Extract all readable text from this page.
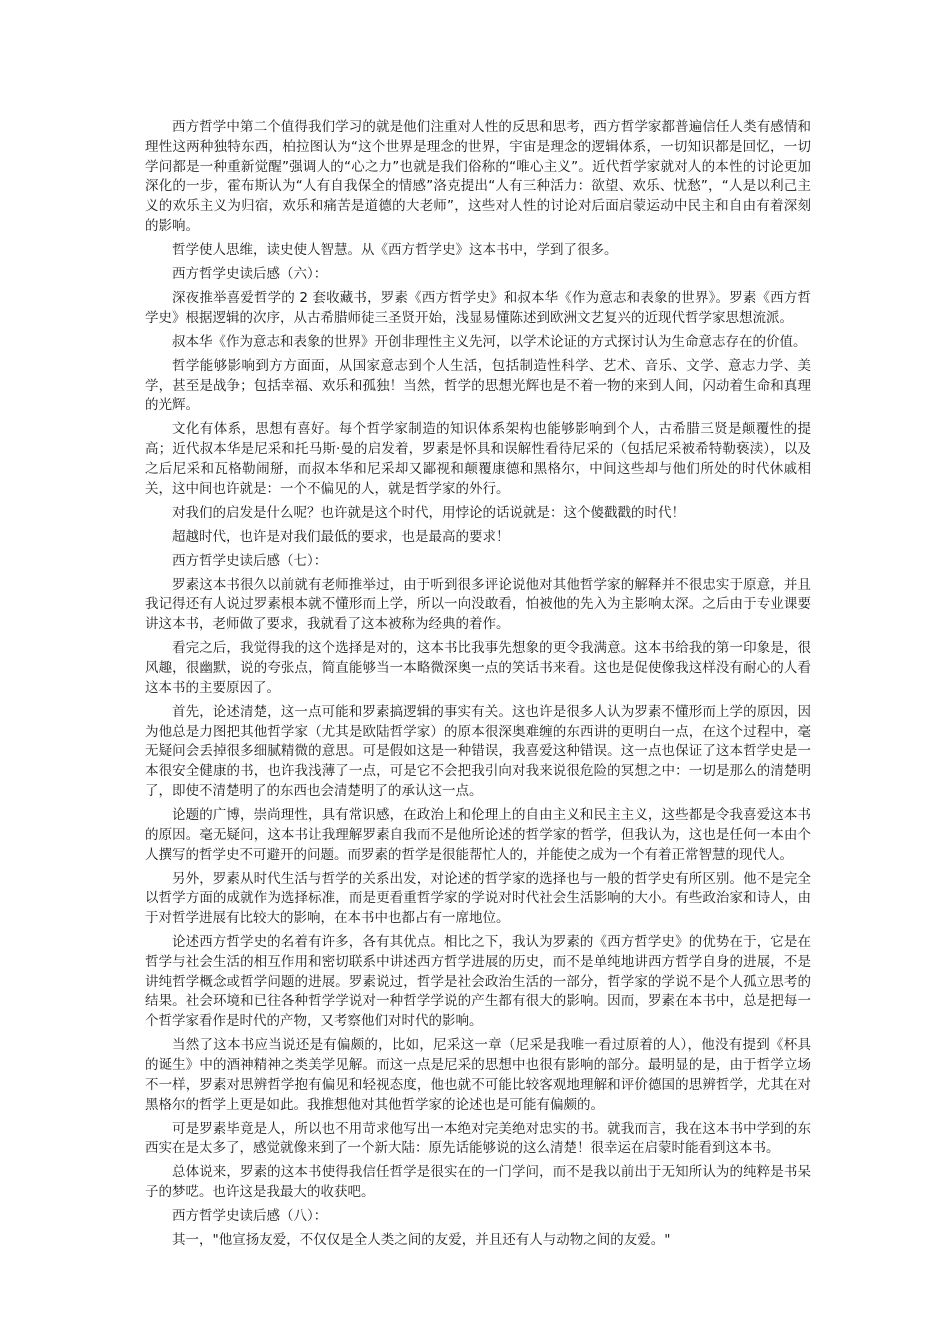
西方哲学中第二个值得我们学习的就是他们注重对人性的反思和思考，西方哲学家都普遍信任人类有感情和理性这两种独特东西，柏拉图认为“这个世界是理念的世界，宇宙是理念的逻辑体系，一切知识都是回忆，一切学问都是一种重新觉醒”强调人的“心之力”也就是我们俗称的“唯心主义”。近代哲学家就对人的本性的讨论更加深化的一步，霍布斯认为“人有自我保全的情感”洛克提出“人有三种活力：欲望、欢乐、忧愁”，“人是以利己主义的欢乐主义为归宿，欢乐和痛苦是道德的大老师”，这些对人性的讨论对后面启蒙运动中民主和自由有着深刻的影响。

哲学使人思维，读史使人智慧。从《西方哲学史》这本书中，学到了很多。

西方哲学史读后感（六）：

深夜推举喜爱哲学的 2 套收藏书，罗素《西方哲学史》和叔本华《作为意志和表象的世界》。罗素《西方哲学史》根据逻辑的次序，从古希腊师徒三圣贤开始，浅显易懂陈述到欧洲文艺复兴的近现代哲学家思想流派。

叔本华《作为意志和表象的世界》开创非理性主义先河，以学术论证的方式探讨认为生命意志存在的价值。

哲学能够影响到方方面面，从国家意志到个人生活，包括制造性科学、艺术、音乐、文学、意志力学、美学，甚至是战争；包括幸福、欢乐和孤独！当然，哲学的思想光辉也是不着一物的来到人间，闪动着生命和真理的光辉。

文化有体系，思想有喜好。每个哲学家制造的知识体系架构也能够影响到个人，古希腊三贤是颠覆性的提高；近代叔本华是尼采和托马斯·曼的启发着，罗素是怀具和误解性看待尼采的（包括尼采被希特勒亵渎），以及之后尼采和瓦格勒闹掰，而叔本华和尼采却又鄙视和颠覆康德和黑格尔，中间这些却与他们所处的时代休戚相关，这中间也许就是：一个不偏见的人，就是哲学家的外行。

对我们的启发是什么呢？也许就是这个时代，用悖论的话说就是：这个傻戳戳的时代！

超越时代，也许是对我们最低的要求，也是最高的要求！

西方哲学史读后感（七）：

罗素这本书很久以前就有老师推举过，由于听到很多评论说他对其他哲学家的解释并不很忠实于原意，并且我记得还有人说过罗素根本就不懂形而上学，所以一向没敢看，怕被他的先入为主影响太深。之后由于专业课要讲这本书，老师做了要求，我就看了这本被称为经典的着作。

看完之后，我觉得我的这个选择是对的，这本书比我事先想象的更令我满意。这本书给我的第一印象是，很风趣，很幽默，说的夸张点，简直能够当一本略微深奥一点的笑话书来看。这也是促使像我这样没有耐心的人看这本书的主要原因了。

首先，论述清楚，这一点可能和罗素搞逻辑的事实有关。这也许是很多人认为罗素不懂形而上学的原因，因为他总是力图把其他哲学家（尤其是欧陆哲学家）的原本很深奥难缠的东西讲的更明白一点，在这个过程中，毫无疑问会丢掉很多细腻精微的意思。可是假如这是一种错误，我喜爱这种错误。这一点也保证了这本哲学史是一本很安全健康的书，也许我浅薄了一点，可是它不会把我引向对我来说很危险的冥想之中：一切是那么的清楚明了，即使不清楚明了的东西也会清楚明了的承认这一点。

论题的广博，崇尚理性，具有常识感，在政治上和伦理上的自由主义和民主主义，这些都是令我喜爱这本书的原因。毫无疑问，这本书让我理解罗素自我而不是他所论述的哲学家的哲学，但我认为，这也是任何一本由个人撰写的哲学史不可避开的问题。而罗素的哲学是很能帮忙人的，并能使之成为一个有着正常智慧的现代人。

另外，罗素从时代生活与哲学的关系出发，对论述的哲学家的选择也与一般的哲学史有所区别。他不是完全以哲学方面的成就作为选择标准，而是更看重哲学家的学说对时代社会生活影响的大小。有些政治家和诗人，由于对哲学进展有比较大的影响，在本书中也都占有一席地位。

论述西方哲学史的名着有许多，各有其优点。相比之下，我认为罗素的《西方哲学史》的优势在于，它是在哲学与社会生活的相互作用和密切联系中讲述西方哲学进展的历史，而不是单纯地讲西方哲学自身的进展，不是讲纯哲学概念或哲学问题的进展。罗素说过，哲学是社会政治生活的一部分，哲学家的学说不是个人孤立思考的结果。社会环境和已往各种哲学学说对一种哲学学说的产生都有很大的影响。因而，罗素在本书中，总是把每一个哲学家看作是时代的产物，又考察他们对时代的影响。

当然了这本书应当说还是有偏颇的，比如，尼采这一章（尼采是我唯一看过原着的人），他没有提到《杯具的诞生》中的酒神精神之类美学见解。而这一点是尼采的思想中也很有影响的部分。最明显的是，由于哲学立场不一样，罗素对思辨哲学抱有偏见和轻视态度，他也就不可能比较客观地理解和评价德国的思辨哲学，尤其在对黑格尔的哲学上更是如此。我推想他对其他哲学家的论述也是可能有偏颇的。

可是罗素毕竟是人，所以也不用苛求他写出一本绝对完美绝对忠实的书。就我而言，我在这本书中学到的东西实在是太多了，感觉就像来到了一个新大陆：原先话能够说的这么清楚！很幸运在启蒙时能看到这本书。

总体说来，罗素的这本书使得我信任哲学是很实在的一门学问，而不是我以前出于无知所认为的纯粹是书呆子的梦呓。也许这是我最大的收获吧。

西方哲学史读后感（八）：

其一，"他宣扬友爱，不仅仅是全人类之间的友爱，并且还有人与动物之间的友爱。"
